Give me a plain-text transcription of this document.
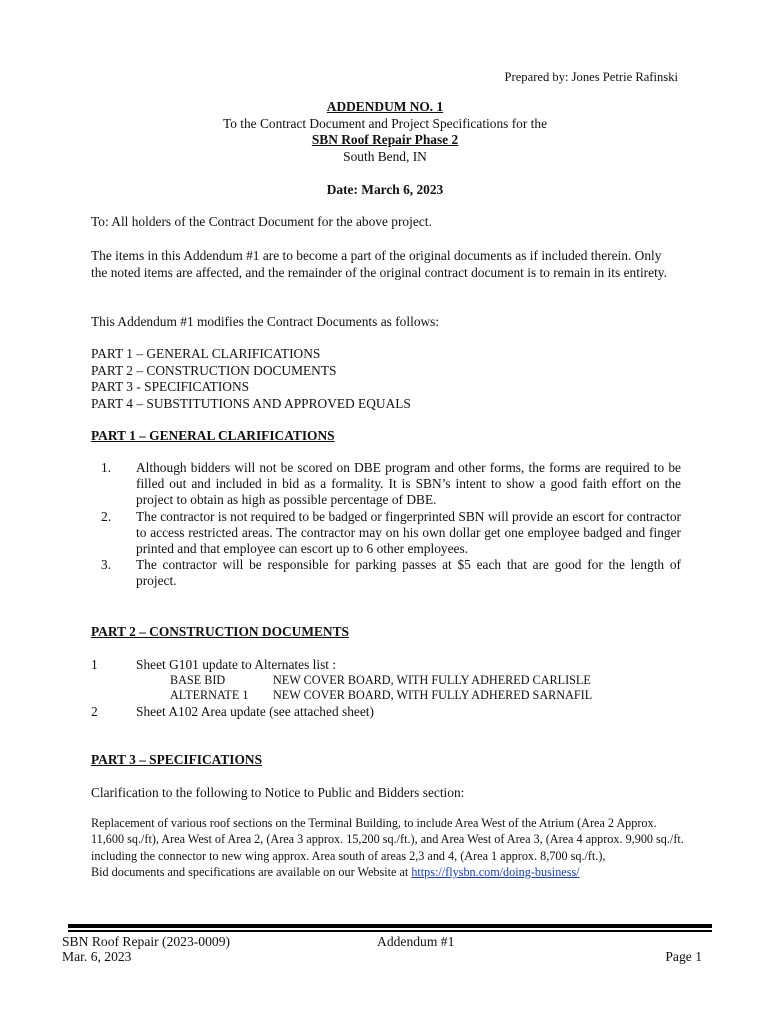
Prepared by: Jones Petrie Rafinski
ADDENDUM NO. 1
To the Contract Document and Project Specifications for the
SBN Roof Repair Phase 2
South Bend, IN
Date: March 6, 2023
To: All holders of the Contract Document for the above project.
The items in this Addendum #1 are to become a part of the original documents as if included therein. Only the noted items are affected, and the remainder of the original contract document is to remain in its entirety.
This Addendum #1 modifies the Contract Documents as follows:
PART 1 – GENERAL CLARIFICATIONS
PART 2 – CONSTRUCTION DOCUMENTS
PART 3 - SPECIFICATIONS
PART 4 – SUBSTITUTIONS AND APPROVED EQUALS
PART 1 – GENERAL CLARIFICATIONS
1. Although bidders will not be scored on DBE program and other forms, the forms are required to be filled out and included in bid as a formality. It is SBN’s intent to show a good faith effort on the project to obtain as high as possible percentage of DBE.
2. The contractor is not required to be badged or fingerprinted SBN will provide an escort for contractor to access restricted areas. The contractor may on his own dollar get one employee badged and finger printed and that employee can escort up to 6 other employees.
3. The contractor will be responsible for parking passes at $5 each that are good for the length of project.
PART 2 – CONSTRUCTION DOCUMENTS
1	Sheet G101 update to Alternates list :
BASE BID	NEW COVER BOARD, WITH FULLY ADHERED CARLISLE
ALTERNATE 1 NEW COVER BOARD, WITH FULLY ADHERED SARNAFIL
2	Sheet A102 Area update (see attached sheet)
PART 3 – SPECIFICATIONS
Clarification to the following to Notice to Public and Bidders section:
Replacement of various roof sections on the Terminal Building, to include Area West of the Atrium (Area 2 Approx. 11,600 sq./ft), Area West of Area 2, (Area 3 approx. 15,200 sq./ft.), and Area West of Area 3, (Area 4 approx. 9,900 sq./ft. including the connector to new wing approx. Area south of areas 2,3 and 4, (Area 1 approx. 8,700 sq./ft.),
Bid documents and specifications are available on our Website at https://flysbn.com/doing-business/
SBN Roof Repair (2023-0009)
Mar. 6, 2023
Addendum #1
Page 1
